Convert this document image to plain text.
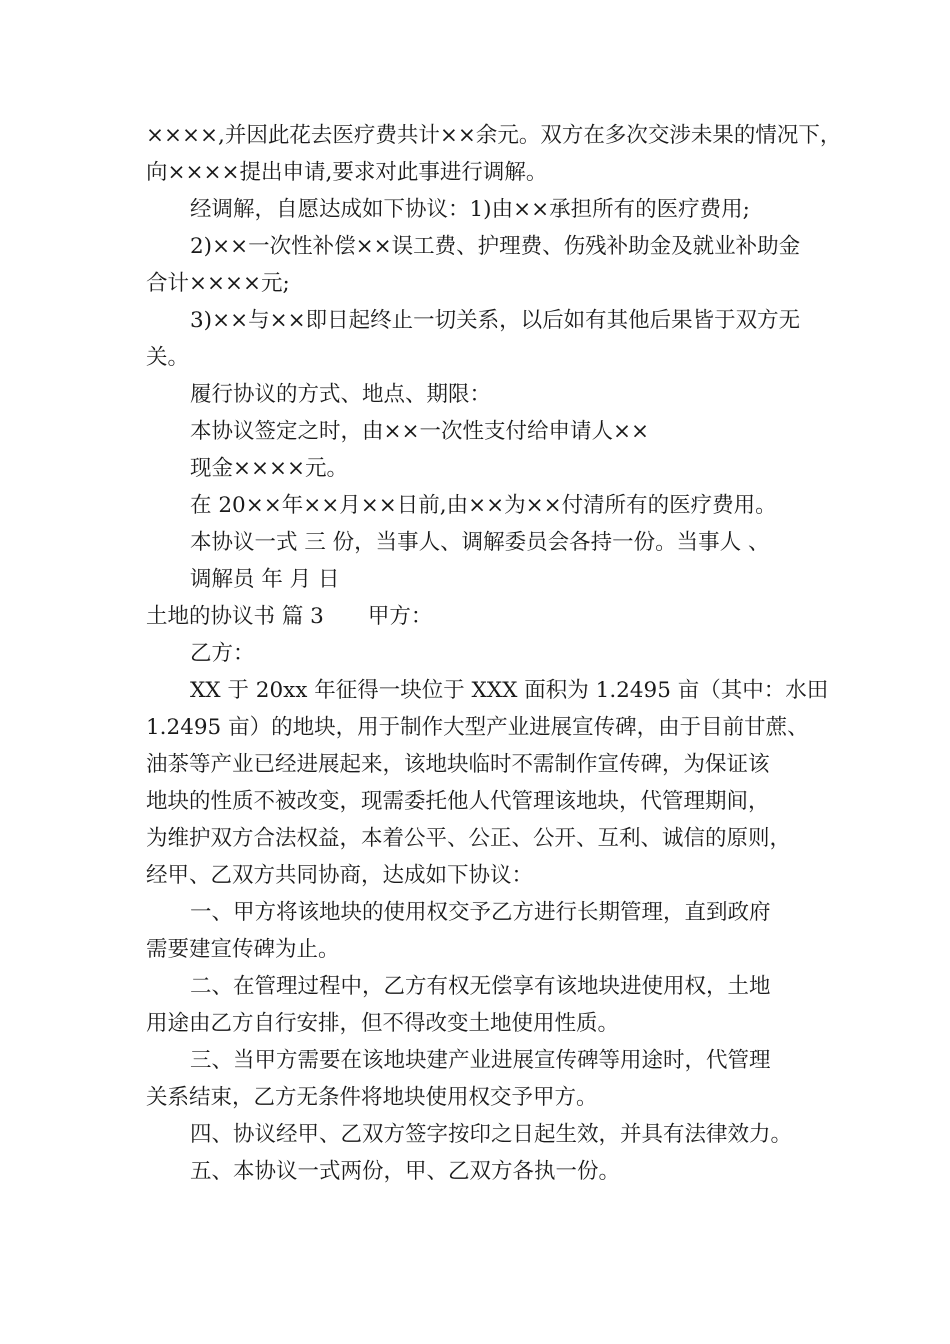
××××,并因此花去医疗费共计××余元。双方在多次交涉未果的情况下，
向××××提出申请,要求对此事进行调解。
经调解，自愿达成如下协议：1)由××承担所有的医疗费用;
2)××一次性补偿××误工费、护理费、伤残补助金及就业补助金
合计××××元;
3)××与××即日起终止一切关系，以后如有其他后果皆于双方无
关。
履行协议的方式、地点、期限：
本协议签定之时，由××一次性支付给申请人××
现金××××元。
在 20××年××月××日前,由××为××付清所有的医疗费用。
本协议一式 三 份，当事人、调解委员会各持一份。当事人 、
调解员 年 月 日
土地的协议书 篇 3 甲方：
乙方：
XX 于 20xx 年征得一块位于 XXX 面积为 1.2495 亩（其中：水田
1.2495 亩）的地块，用于制作大型产业进展宣传碑，由于目前甘蔗、
油茶等产业已经进展起来，该地块临时不需制作宣传碑，为保证该
地块的性质不被改变，现需委托他人代管理该地块，代管理期间，
为维护双方合法权益，本着公平、公正、公开、互利、诚信的原则，
经甲、乙双方共同协商，达成如下协议：
一、甲方将该地块的使用权交予乙方进行长期管理，直到政府
需要建宣传碑为止。
二、在管理过程中，乙方有权无偿享有该地块进使用权，土地
用途由乙方自行安排，但不得改变土地使用性质。
三、当甲方需要在该地块建产业进展宣传碑等用途时，代管理
关系结束，乙方无条件将地块使用权交予甲方。
四、协议经甲、乙双方签字按印之日起生效，并具有法律效力。
五、本协议一式两份，甲、乙双方各执一份。
